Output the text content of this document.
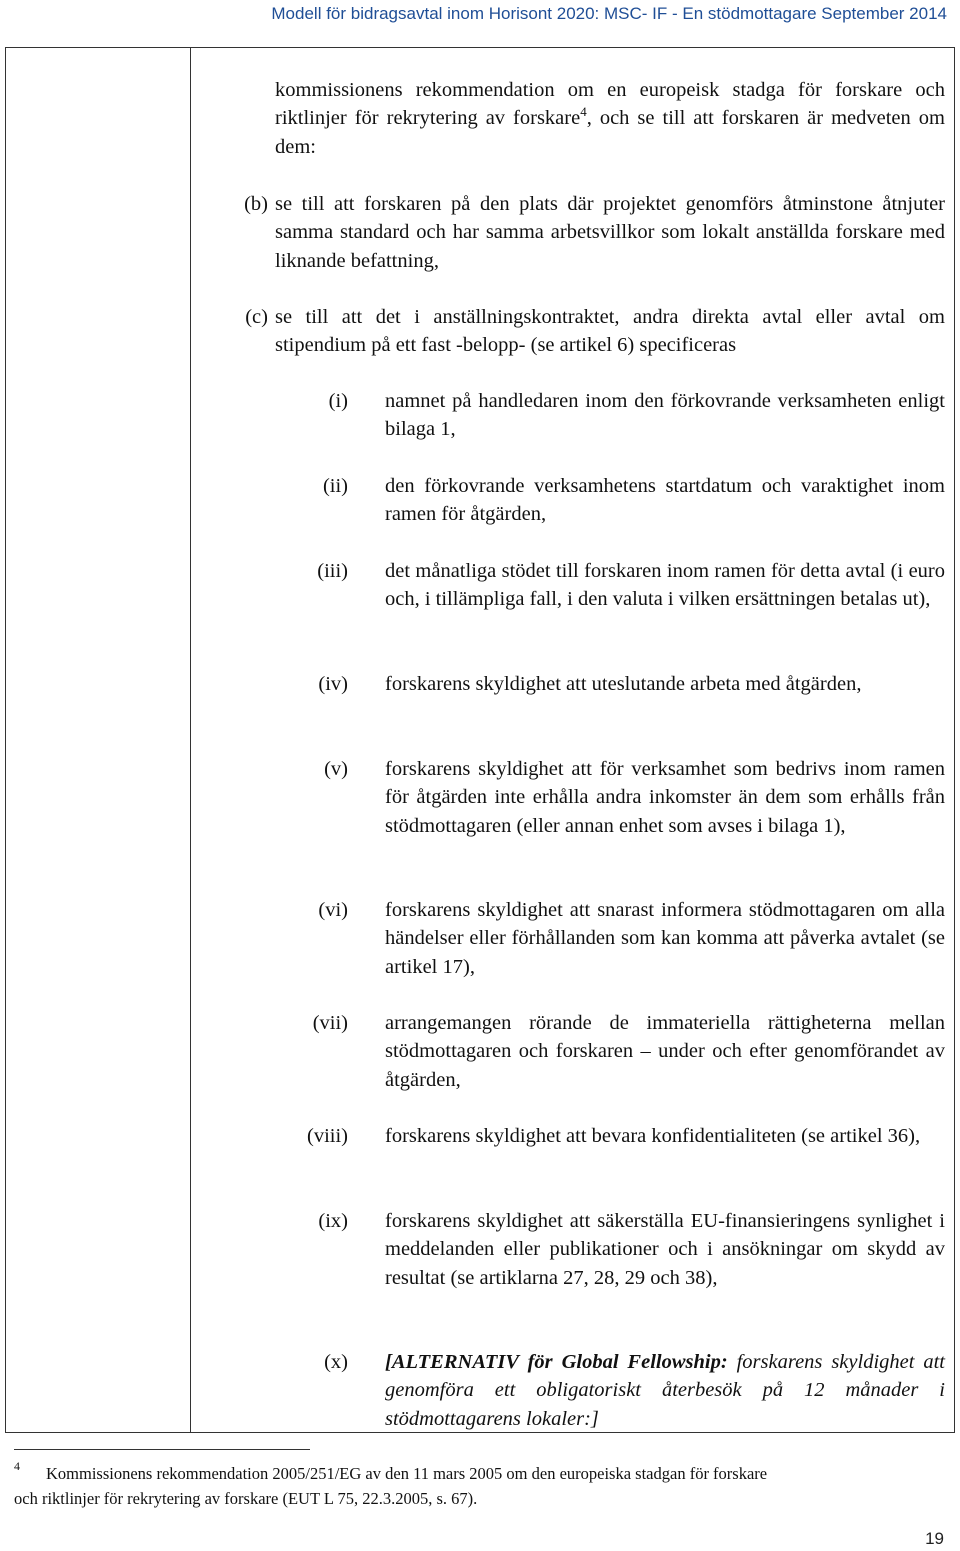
Modell för bidragsavtal inom Horisont 2020: MSC- IF - En stödmottagare September 2014

kommissionens rekommendation om en europeisk stadga för forskare och riktlinjer för rekrytering av forskare$^4$, och se till att forskaren är medveten om dem:

(b) se till att forskaren på den plats där projektet genomförs åtminstone åtnjuter samma standard och har samma arbetsvillkor som lokalt anställda forskare med liknande befattning,

(c) se till att det i anställningskontraktet, andra direkta avtal eller avtal om stipendium på ett fast -belopp- (se artikel 6) specificeras

(i) namnet på handledaren inom den förkovrande verksamheten enligt bilaga 1,

(ii) den förkovrande verksamhetens startdatum och varaktighet inom ramen för åtgärden,

(iii) det månatliga stödet till forskaren inom ramen för detta avtal (i euro och, i tillämpliga fall, i den valuta i vilken ersättningen betalas ut),

(iv) forskarens skyldighet att uteslutande arbeta med åtgärden,

(v) forskarens skyldighet att för verksamhet som bedrivs inom ramen för åtgärden inte erhålla andra inkomster än dem som erhålls från stödmottagaren (eller annan enhet som avses i bilaga 1),

(vi) forskarens skyldighet att snarast informera stödmottagaren om alla händelser eller förhållanden som kan komma att påverka avtalet (se artikel 17),

(vii) arrangemangen rörande de immateriella rättigheterna mellan stödmottagaren och forskaren – under och efter genomförandet av åtgärden,

(viii) forskarens skyldighet att bevara konfidentialiteten (se artikel 36),

(ix) forskarens skyldighet att säkerställa EU-finansieringens synlighet i meddelanden eller publikationer och i ansökningar om skydd av resultat (se artiklarna 27, 28, 29 och 38),

(x) [ALTERNATIV för Global Fellowship: forskarens skyldighet att genomföra ett obligatoriskt återbesök på 12 månader i stödmottagarens lokaler:]

4 Kommissionens rekommendation 2005/251/EG av den 11 mars 2005 om den europeiska stadgan för forskare
och riktlinjer för rekrytering av forskare (EUT L 75, 22.3.2005, s. 67).

19
